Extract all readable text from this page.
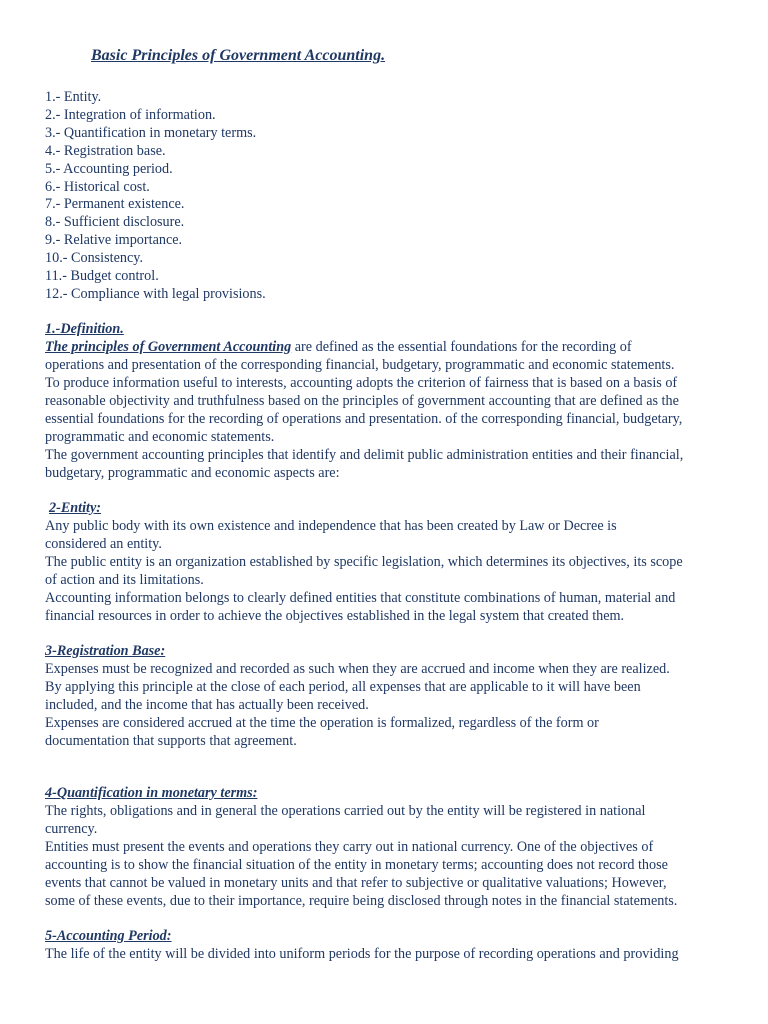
Basic Principles of Government Accounting.
1.- Entity.
2.- Integration of information.
3.- Quantification in monetary terms.
4.- Registration base.
5.- Accounting period.
6.- Historical cost.
7.- Permanent existence.
8.- Sufficient disclosure.
9.- Relative importance.
10.- Consistency.
11.- Budget control.
12.- Compliance with legal provisions.
1.-Definition.

The principles of Government Accounting are defined as the essential foundations for the recording of
operations and presentation of the corresponding financial, budgetary, programmatic and economic statements.
To produce information useful to interests, accounting adopts the criterion of fairness that is based on a basis of
reasonable objectivity and truthfulness based on the principles of government accounting that are defined as the
essential foundations for the recording of operations and presentation. of the corresponding financial, budgetary,
programmatic and economic statements.
The government accounting principles that identify and delimit public administration entities and their financial,
budgetary, programmatic and economic aspects are:

2-Entity:

Any public body with its own existence and independence that has been created by Law or Decree is
considered an entity.
The public entity is an organization established by specific legislation, which determines its objectives, its scope
of action and its limitations.
Accounting information belongs to clearly defined entities that constitute combinations of human, material and
financial resources in order to achieve the objectives established in the legal system that created them.

3-Registration Base:

Expenses must be recognized and recorded as such when they are accrued and income when they are realized.
By applying this principle at the close of each period, all expenses that are applicable to it will have been
included, and the income that has actually been received.
Expenses are considered accrued at the time the operation is formalized, regardless of the form or
documentation that supports that agreement.

4-Quantification in monetary terms:

The rights, obligations and in general the operations carried out by the entity will be registered in national
currency.
Entities must present the events and operations they carry out in national currency. One of the objectives of
accounting is to show the financial situation of the entity in monetary terms; accounting does not record those
events that cannot be valued in monetary units and that refer to subjective or qualitative valuations; However,
some of these events, due to their importance, require being disclosed through notes in the financial statements.

5-Accounting Period:

The life of the entity will be divided into uniform periods for the purpose of recording operations and providing
